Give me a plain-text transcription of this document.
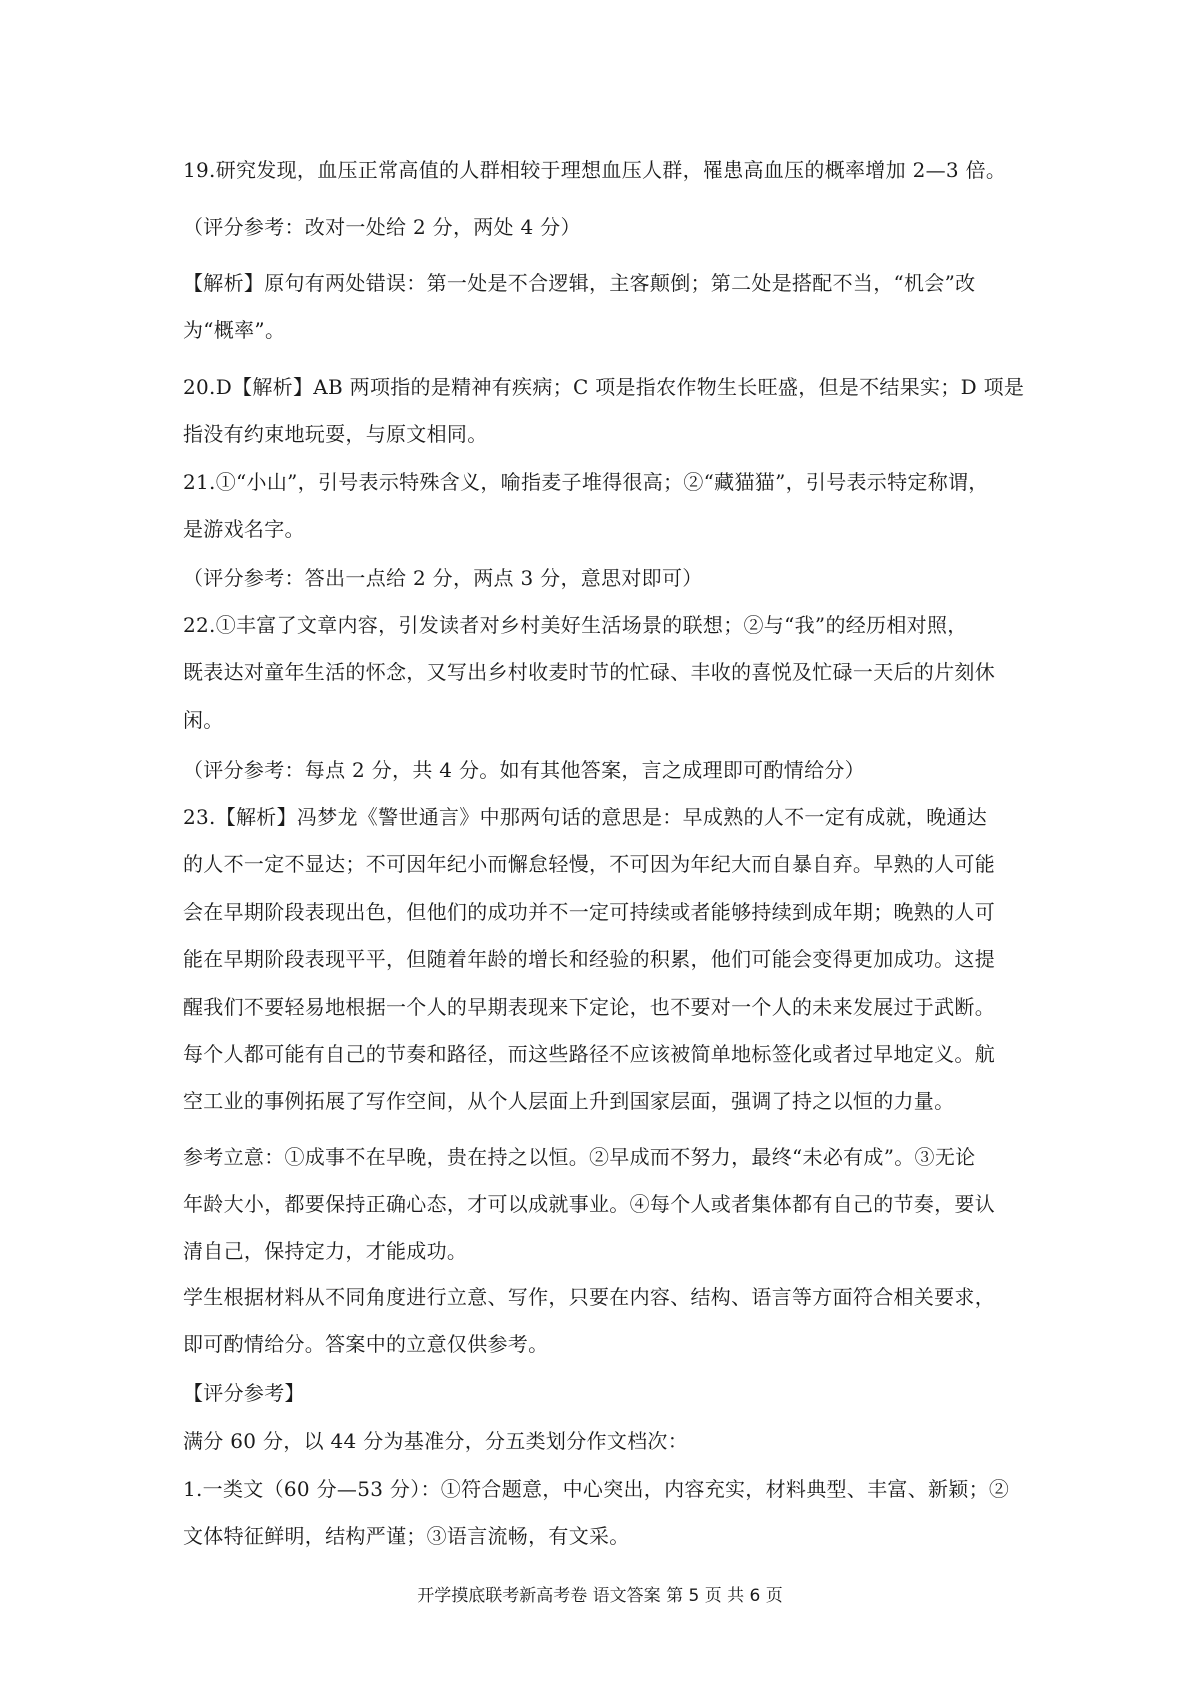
19.研究发现，血压正常高值的人群相较于理想血压人群，罹患高血压的概率增加 2—3 倍。
（评分参考：改对一处给 2 分，两处 4 分）
【解析】原句有两处错误：第一处是不合逻辑，主客颠倒；第二处是搭配不当，“机会”改
为“概率”。
20.D【解析】AB 两项指的是精神有疾病；C 项是指农作物生长旺盛，但是不结果实；D 项是
指没有约束地玩耍，与原文相同。
21.①“小山”，引号表示特殊含义，喻指麦子堆得很高；②“藏猫猫”，引号表示特定称谓，
是游戏名字。
（评分参考：答出一点给 2 分，两点 3 分，意思对即可）
22.①丰富了文章内容，引发读者对乡村美好生活场景的联想；②与“我”的经历相对照，
既表达对童年生活的怀念，又写出乡村收麦时节的忙碌、丰收的喜悦及忙碌一天后的片刻休
闲。
（评分参考：每点 2 分，共 4 分。如有其他答案，言之成理即可酌情给分）
23.【解析】冯梦龙《警世通言》中那两句话的意思是：早成熟的人不一定有成就，晚通达
的人不一定不显达；不可因年纪小而懈怠轻慢，不可因为年纪大而自暴自弃。早熟的人可能
会在早期阶段表现出色，但他们的成功并不一定可持续或者能够持续到成年期；晚熟的人可
能在早期阶段表现平平，但随着年龄的增长和经验的积累，他们可能会变得更加成功。这提
醒我们不要轻易地根据一个人的早期表现来下定论，也不要对一个人的未来发展过于武断。
每个人都可能有自己的节奏和路径，而这些路径不应该被简单地标签化或者过早地定义。航
空工业的事例拓展了写作空间，从个人层面上升到国家层面，强调了持之以恒的力量。
参考立意：①成事不在早晚，贵在持之以恒。②早成而不努力，最终“未必有成”。③无论
年龄大小，都要保持正确心态，才可以成就事业。④每个人或者集体都有自己的节奏，要认
清自己，保持定力，才能成功。
学生根据材料从不同角度进行立意、写作，只要在内容、结构、语言等方面符合相关要求，
即可酌情给分。答案中的立意仅供参考。
【评分参考】
满分 60 分，以 44 分为基准分，分五类划分作文档次：
1.一类文（60 分—53 分）：①符合题意，中心突出，内容充实，材料典型、丰富、新颖；②
文体特征鲜明，结构严谨；③语言流畅，有文采。
开学摸底联考新高考卷 语文答案 第 5 页 共 6 页
